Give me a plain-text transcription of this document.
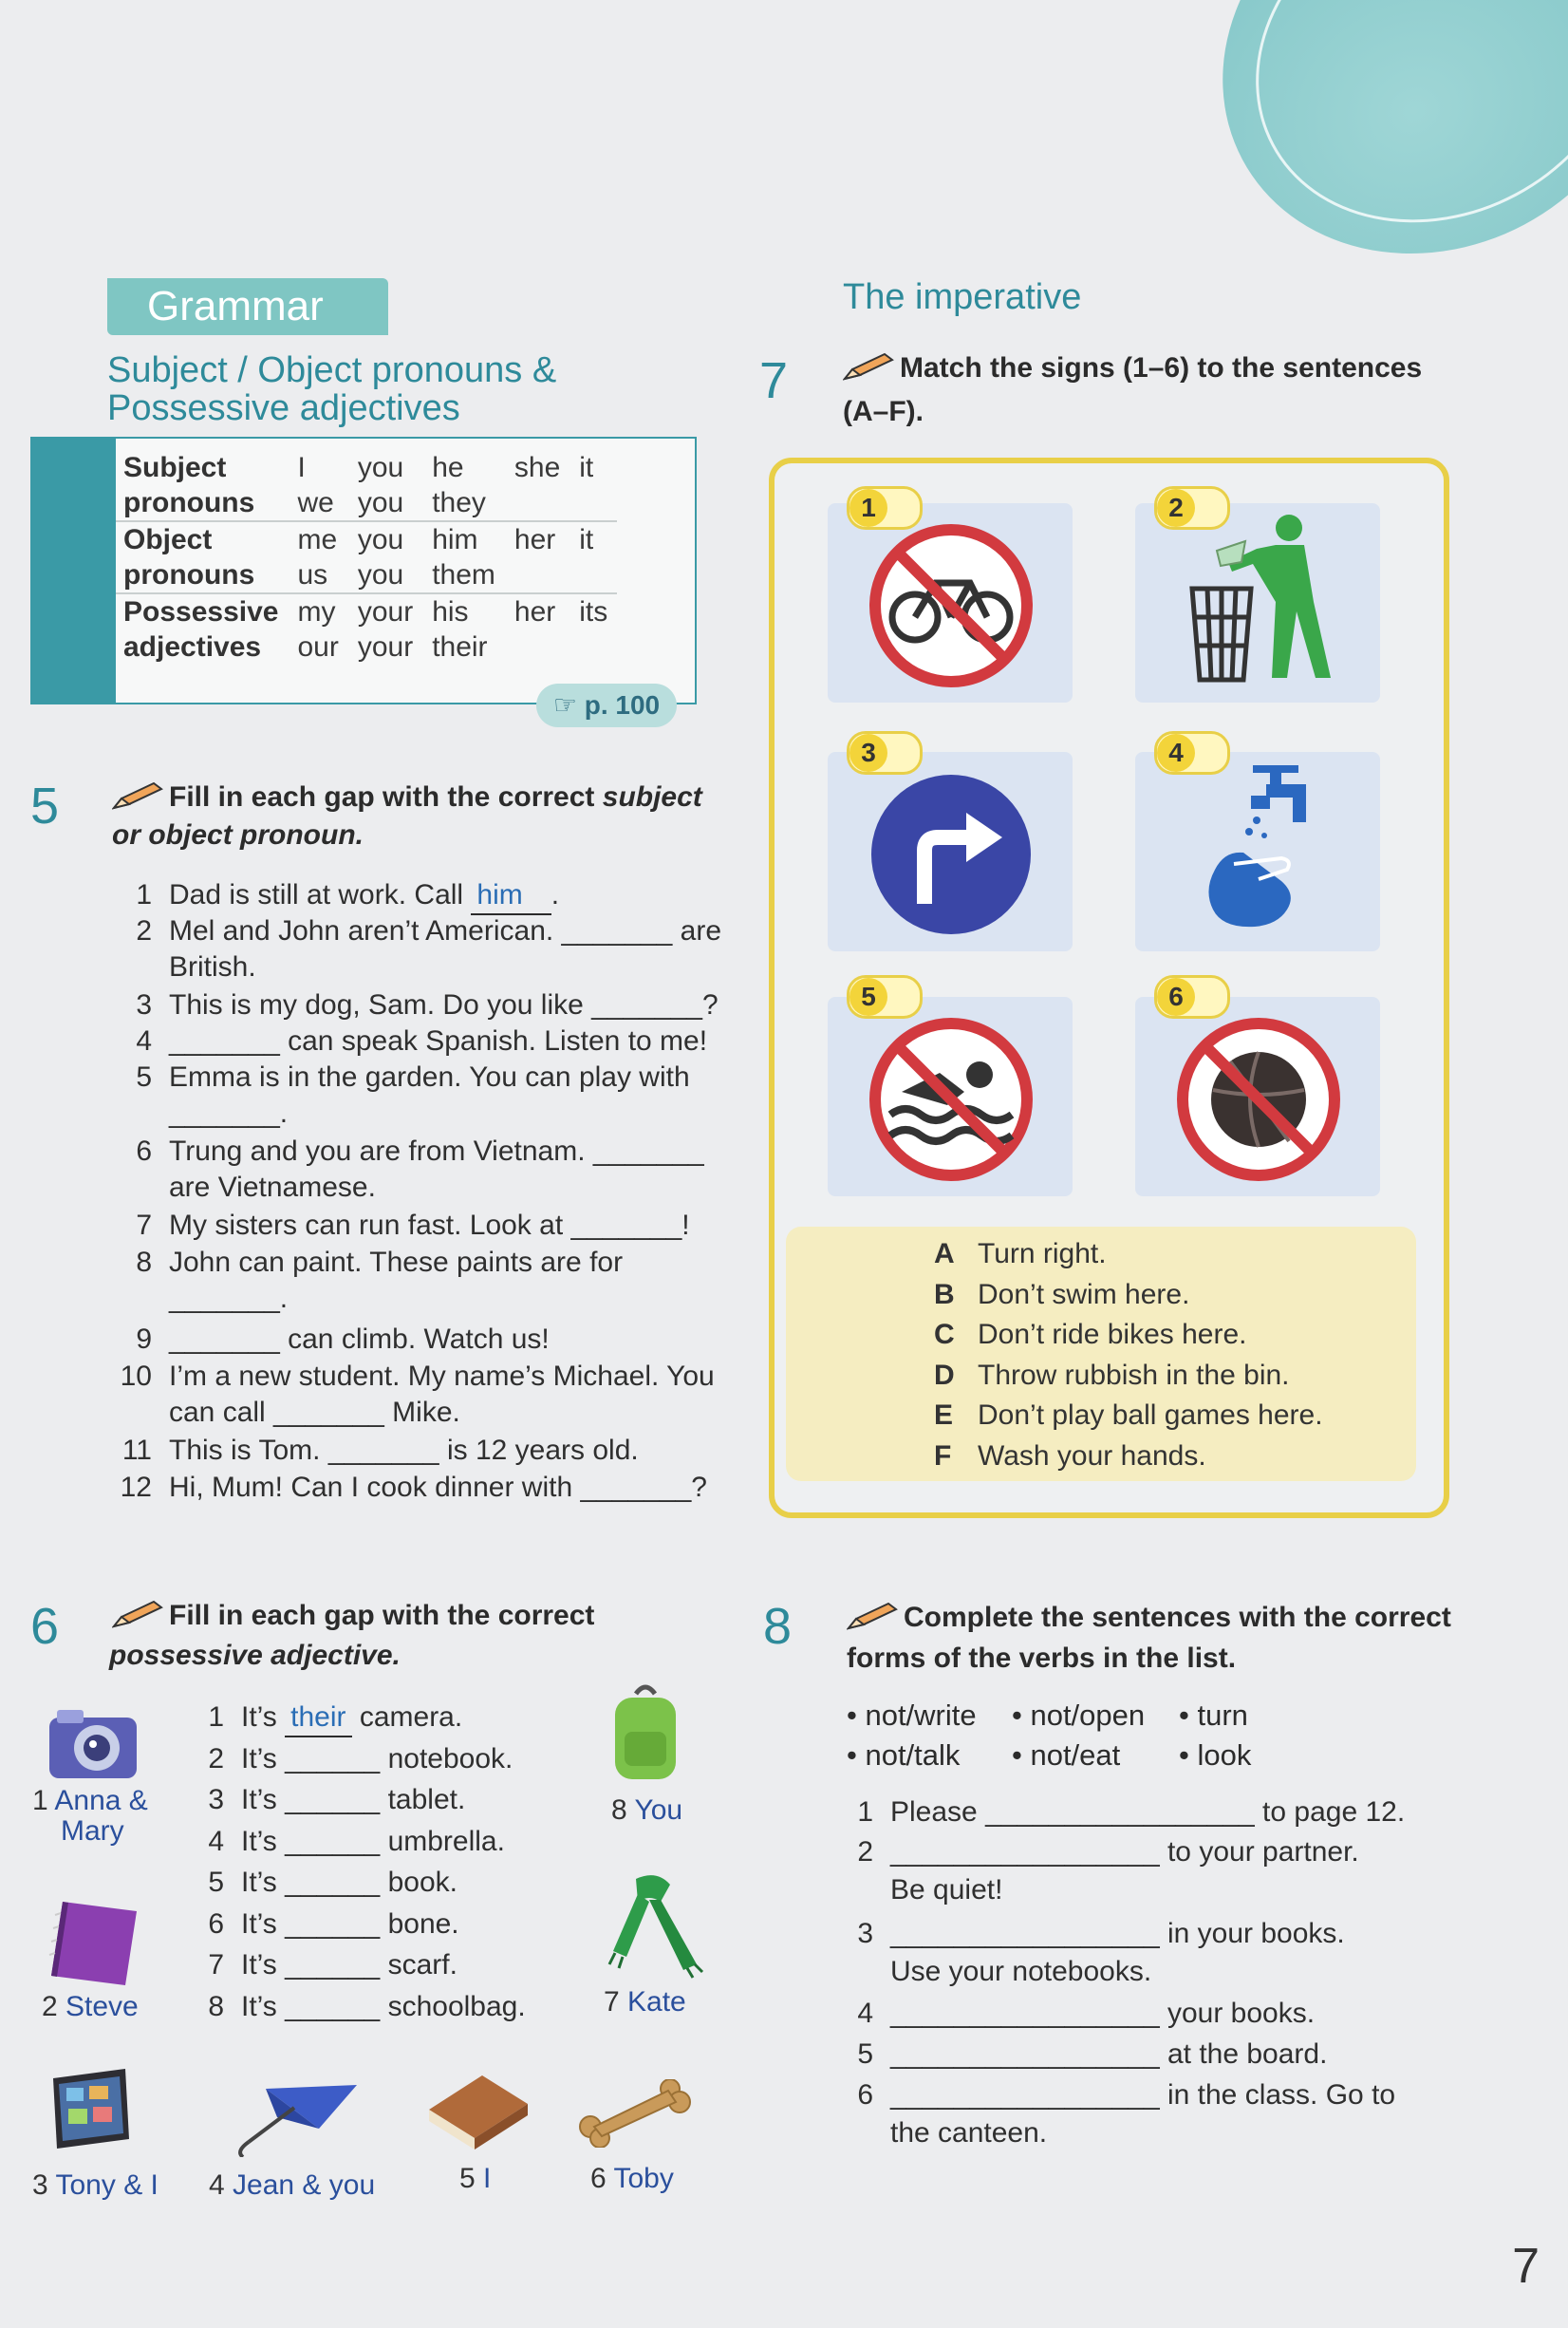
Grammar
Subject / Object pronouns &
Possessive adjectives
Subject	I	you	he	she	it
pronouns	we	you	they		
Object	me	you	him	her	it
pronouns	us	you	them		
Possessive	my	your	his	her	its
adjectives	our	your	their		
☞ p. 100
5	Fill in each gap with the correct subject
or object pronoun.
1 Dad is still at work. Call him .
2 Mel and John aren’t American. _______ are
British.
3 This is my dog, Sam. Do you like _______?
4 _______ can speak Spanish. Listen to me!
5 Emma is in the garden. You can play with
_______.
6 Trung and you are from Vietnam. _______
are Vietnamese.
7 My sisters can run fast. Look at _______!
8 John can paint. These paints are for
_______.
9 _______ can climb. Watch us!
10 I’m a new student. My name’s Michael. You
can call _______ Mike.
11 This is Tom. _______ is 12 years old.
12 Hi, Mum! Can I cook dinner with _______?
6	Fill in each gap with the correct
possessive adjective.
1 It’s their camera.
2 It’s ______ notebook.
3 It’s ______ tablet.
4 It’s ______ umbrella.
5 It’s ______ book.
6 It’s ______ bone.
7 It’s ______ scarf.
8 It’s ______ schoolbag.
1 Anna &
Mary
2 Steve
3 Tony & I 4 Jean & you	5 I	6 Toby
7 Kate
8 You
The imperative
7	Match the signs (1–6) to the sentences
(A–F).
1	2
3	4
5	6
A Turn right.
B Don’t swim here.
C Don’t ride bikes here.
D Throw rubbish in the bin.
E Don’t play ball games here.
F Wash your hands.
8	Complete the sentences with the correct
forms of the verbs in the list.
• not/write • not/open • turn
• not/talk • not/eat • look
1 Please _________________ to page 12.
2 _________________ to your partner.
Be quiet!
3 _________________ in your books.
Use your notebooks.
4 _________________ your books.
5 _________________ at the board.
6 _________________ in the class. Go to
the canteen.
7
